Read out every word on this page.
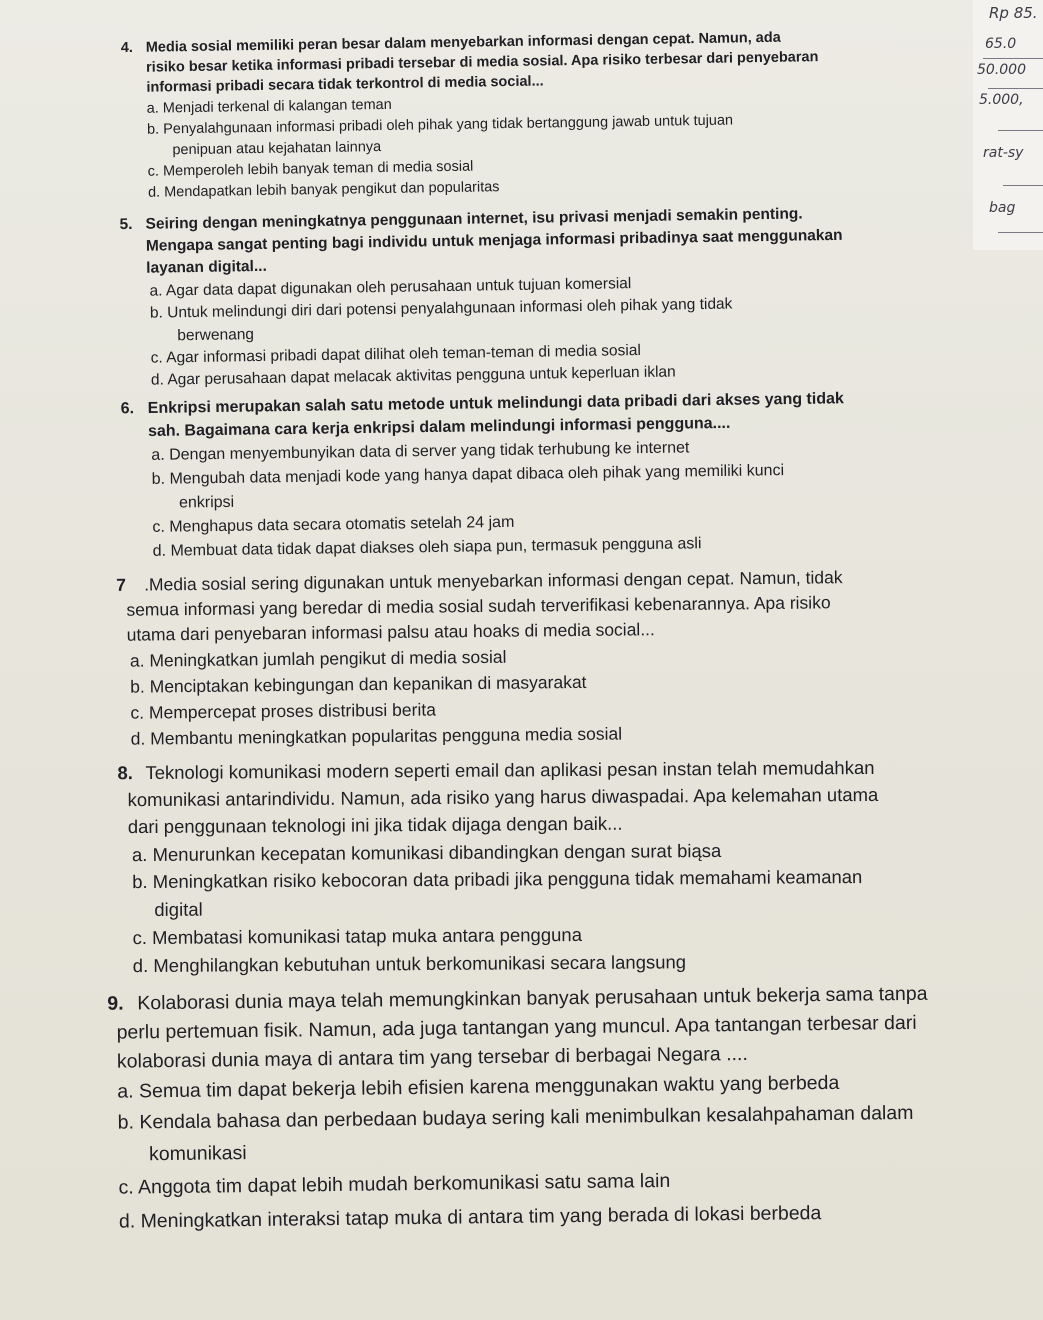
Rp 85.
65.0
50.000
5.000,
rat-sy
bag
4. Media sosial memiliki peran besar dalam menyebarkan informasi dengan cepat. Namun, ada
risiko besar ketika informasi pribadi tersebar di media sosial. Apa risiko terbesar dari penyebaran
informasi pribadi secara tidak terkontrol di media social...
a. Menjadi terkenal di kalangan teman
b. Penyalahgunaan informasi pribadi oleh pihak yang tidak bertanggung jawab untuk tujuan
penipuan atau kejahatan lainnya
c. Memperoleh lebih banyak teman di media sosial
d. Mendapatkan lebih banyak pengikut dan popularitas
5. Seiring dengan meningkatnya penggunaan internet, isu privasi menjadi semakin penting.
Mengapa sangat penting bagi individu untuk menjaga informasi pribadinya saat menggunakan
layanan digital...
a. Agar data dapat digunakan oleh perusahaan untuk tujuan komersial
b. Untuk melindungi diri dari potensi penyalahgunaan informasi oleh pihak yang tidak
berwenang
c. Agar informasi pribadi dapat dilihat oleh teman-teman di media sosial
d. Agar perusahaan dapat melacak aktivitas pengguna untuk keperluan iklan
6. Enkripsi merupakan salah satu metode untuk melindungi data pribadi dari akses yang tidak
sah. Bagaimana cara kerja enkripsi dalam melindungi informasi pengguna....
a. Dengan menyembunyikan data di server yang tidak terhubung ke internet
b. Mengubah data menjadi kode yang hanya dapat dibaca oleh pihak yang memiliki kunci
enkripsi
c. Menghapus data secara otomatis setelah 24 jam
d. Membuat data tidak dapat diakses oleh siapa pun, termasuk pengguna asli
7 .Media sosial sering digunakan untuk menyebarkan informasi dengan cepat. Namun, tidak
semua informasi yang beredar di media sosial sudah terverifikasi kebenarannya. Apa risiko
utama dari penyebaran informasi palsu atau hoaks di media social...
a. Meningkatkan jumlah pengikut di media sosial
b. Menciptakan kebingungan dan kepanikan di masyarakat
c. Mempercepat proses distribusi berita
d. Membantu meningkatkan popularitas pengguna media sosial
8. Teknologi komunikasi modern seperti email dan aplikasi pesan instan telah memudahkan
komunikasi antarindividu. Namun, ada risiko yang harus diwaspadai. Apa kelemahan utama
dari penggunaan teknologi ini jika tidak dijaga dengan baik...
a. Menurunkan kecepatan komunikasi dibandingkan dengan surat biąsa
b. Meningkatkan risiko kebocoran data pribadi jika pengguna tidak memahami keamanan
digital
c. Membatasi komunikasi tatap muka antara pengguna
d. Menghilangkan kebutuhan untuk berkomunikasi secara langsung
9. Kolaborasi dunia maya telah memungkinkan banyak perusahaan untuk bekerja sama tanpa
perlu pertemuan fisik. Namun, ada juga tantangan yang muncul. Apa tantangan terbesar dari
kolaborasi dunia maya di antara tim yang tersebar di berbagai Negara ....
a. Semua tim dapat bekerja lebih efisien karena menggunakan waktu yang berbeda
b. Kendala bahasa dan perbedaan budaya sering kali menimbulkan kesalahpahaman dalam
komunikasi
c. Anggota tim dapat lebih mudah berkomunikasi satu sama lain
d. Meningkatkan interaksi tatap muka di antara tim yang berada di lokasi berbeda
